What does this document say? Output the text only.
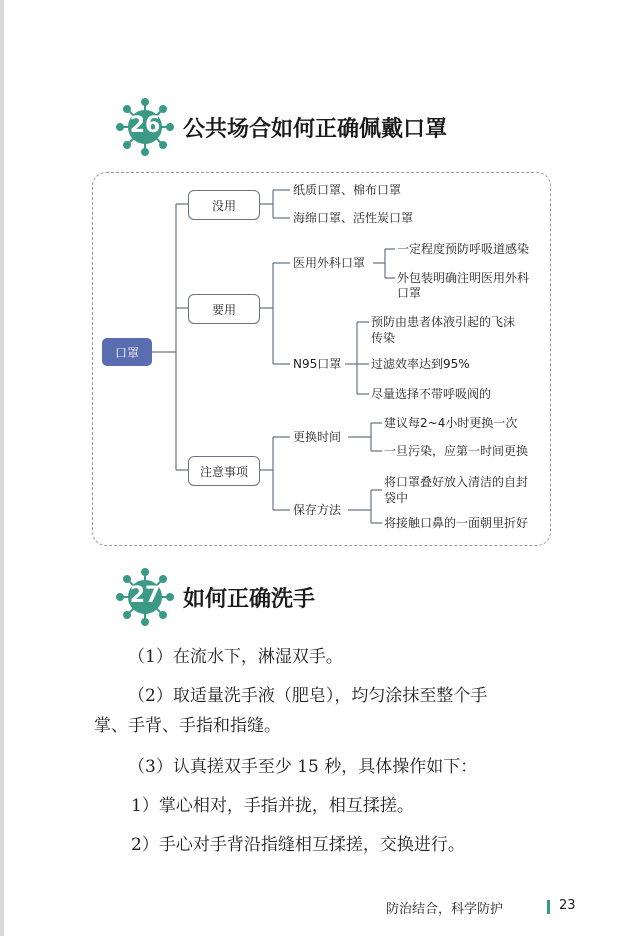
26	公共场合如何正确佩戴口罩
口罩
没用
要用
注意事项
纸质口罩、棉布口罩
海绵口罩、活性炭口罩
医用外科口罩
一定程度预防呼吸道感染
外包装明确注明医用外科
口罩
N95口罩
预防由患者体液引起的飞沫
传染
过滤效率达到95%
尽量选择不带呼吸阀的
更换时间
建议每2~4小时更换一次
一旦污染，应第一时间更换
保存方法
将口罩叠好放入清洁的自封
袋中
将接触口鼻的一面朝里折好
27	如何正确洗手
（1）在流水下，淋湿双手。
（2）取适量洗手液（肥皂），均匀涂抹至整个手
掌、手背、手指和指缝。
（3）认真搓双手至少 15 秒，具体操作如下：
1）掌心相对，手指并拢，相互揉搓。
2）手心对手背沿指缝相互揉搓，交换进行。
防治结合，科学防护	23
